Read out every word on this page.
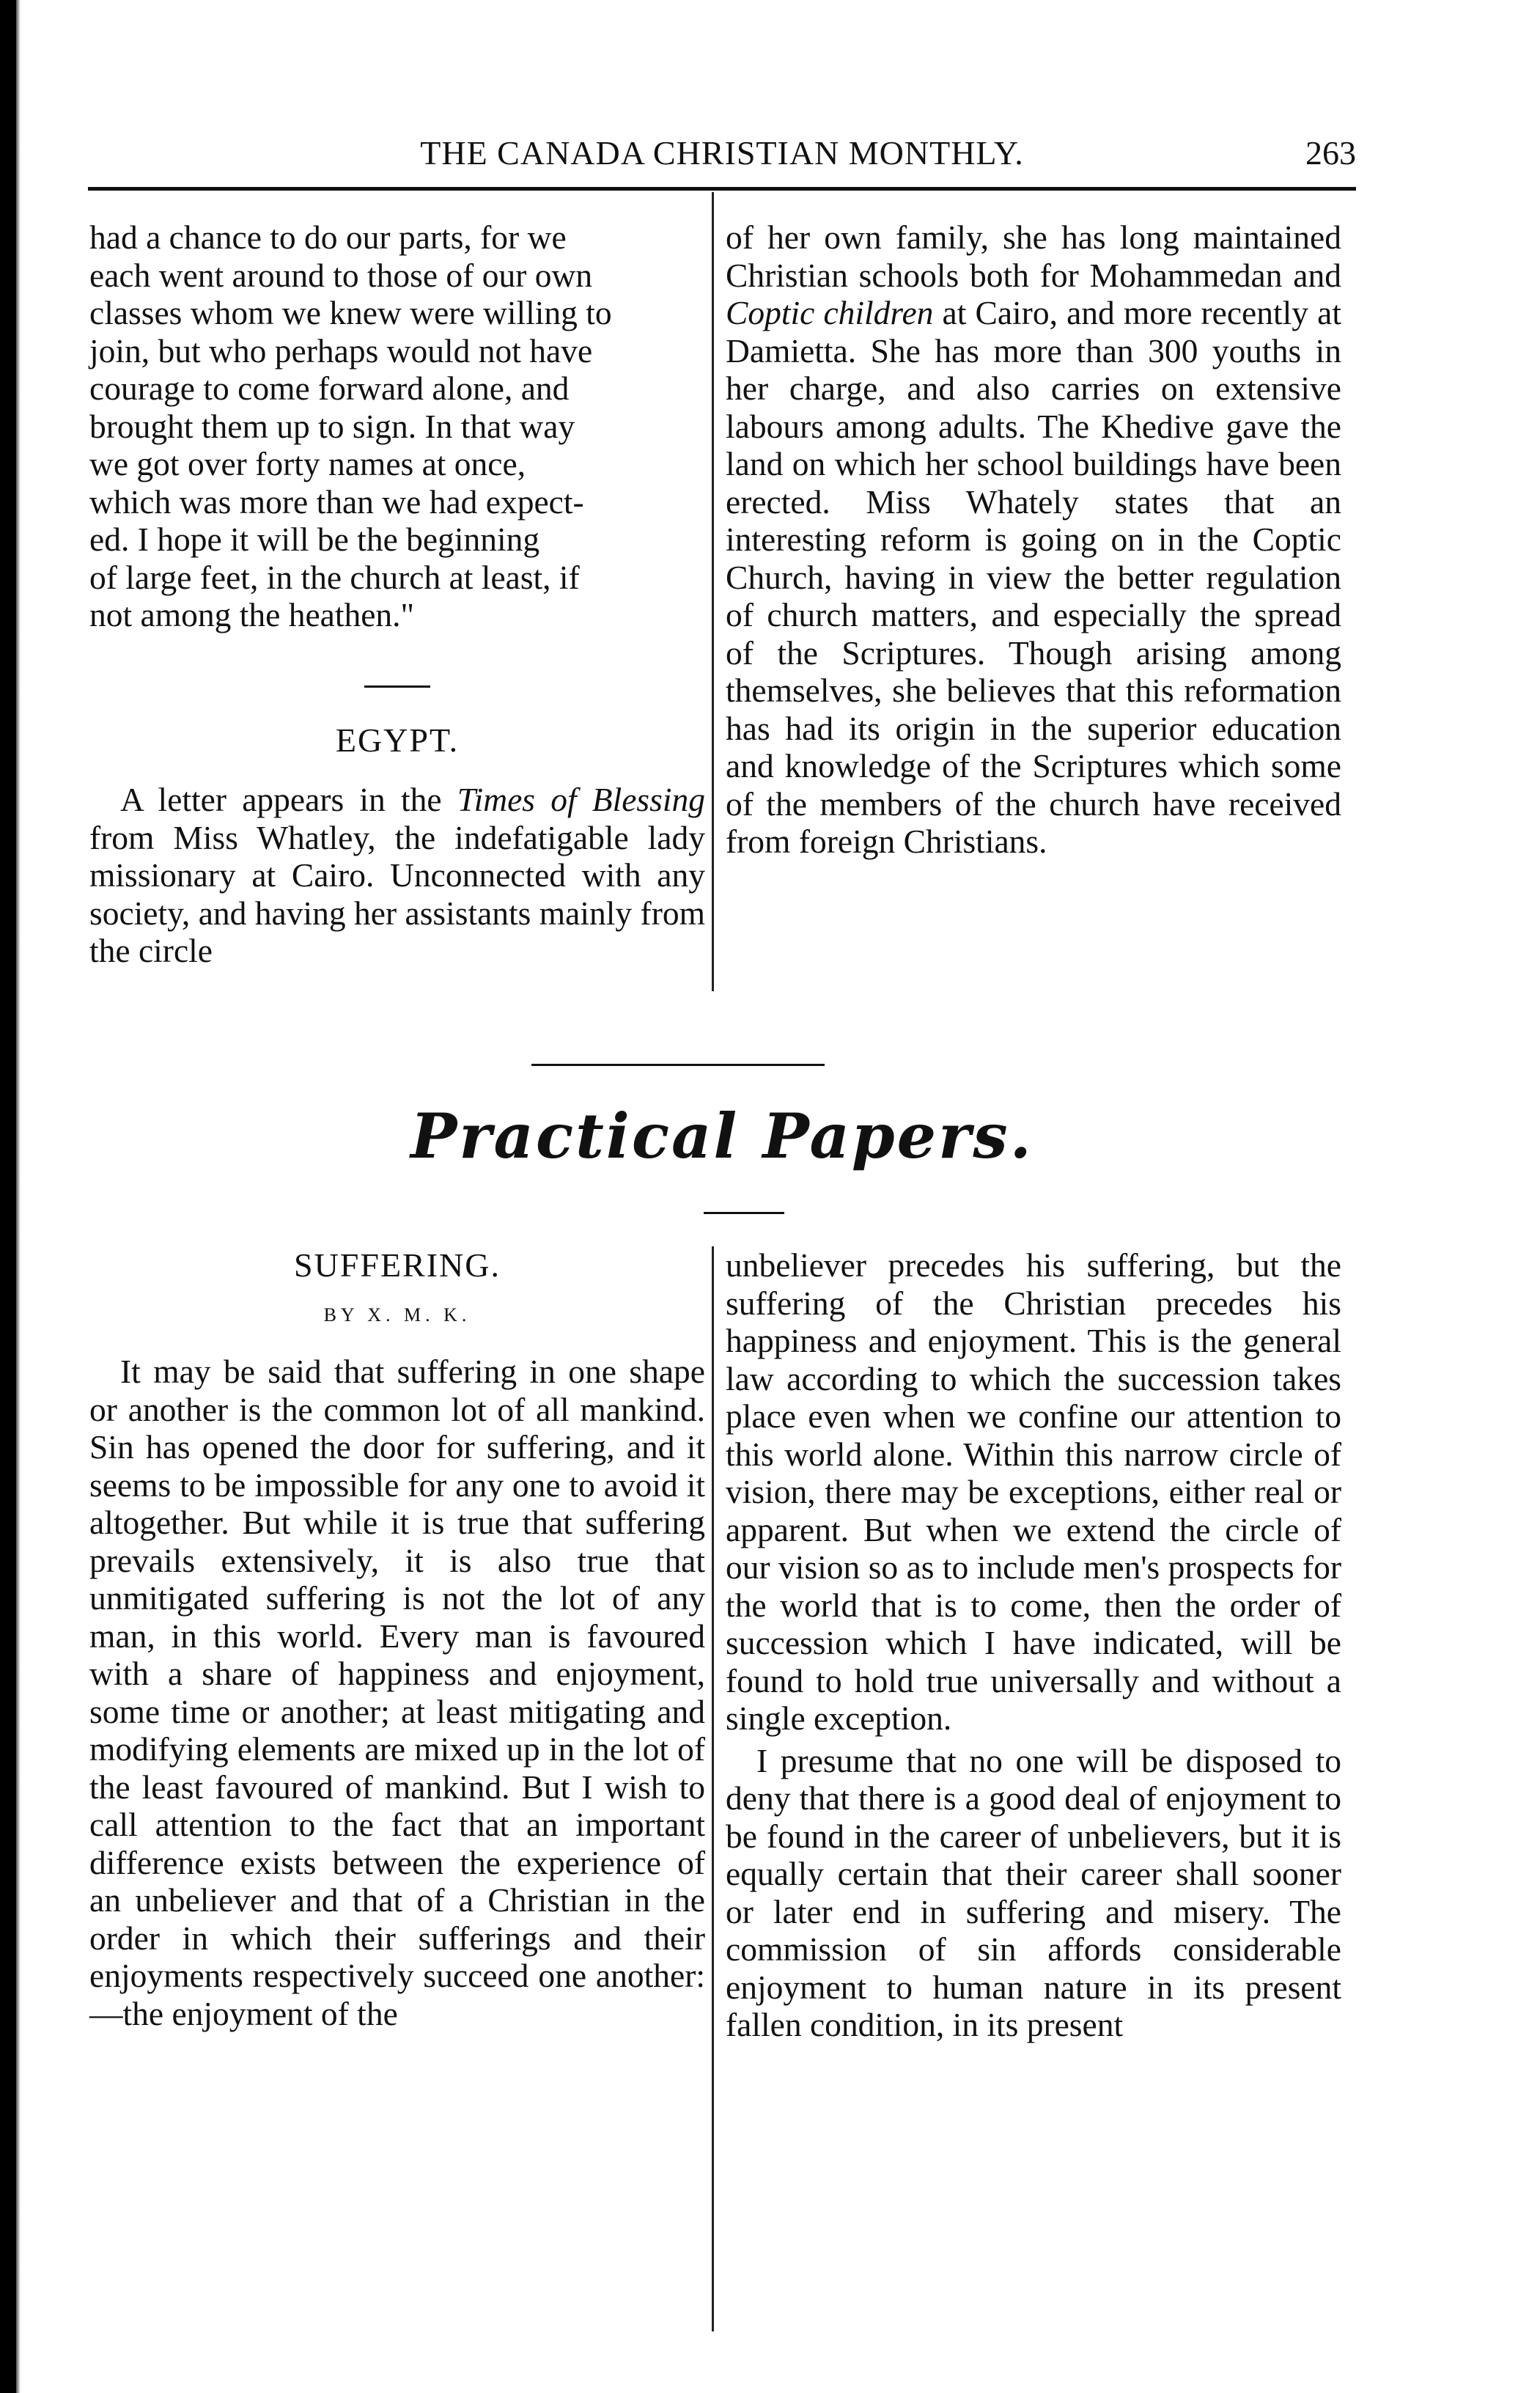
THE CANADA CHRISTIAN MONTHLY.	263
had a chance to do our parts, for we
each went around to those of our own
classes whom we knew were willing to
join, but who perhaps would not have
courage to come forward alone, and
brought them up to sign. In that way
we got over forty names at once,
which was more than we had expect-
ed. I hope it will be the beginning
of large feet, in the church at least, if
not among the heathen."
EGYPT.

A letter appears in the Times of Blessing from Miss Whatley, the indefatigable lady missionary at Cairo. Unconnected with any society, and having her assistants mainly from the circle

of her own family, she has long maintained Christian schools both for Mohammedan and Coptic children at Cairo, and more recently at Damietta. She has more than 300 youths in her charge, and also carries on extensive labours among adults. The Khedive gave the land on which her school buildings have been erected. Miss Whately states that an interesting reform is going on in the Coptic Church, having in view the better regulation of church matters, and especially the spread of the Scriptures. Though arising among themselves, she believes that this reformation has had its origin in the superior education and knowledge of the Scriptures which some of the members of the church have received from foreign Christians.

Practical Papers.
SUFFERING.
BY X. M. K.

It may be said that suffering in one shape or another is the common lot of all mankind. Sin has opened the door for suffering, and it seems to be impossible for any one to avoid it altogether. But while it is true that suffering prevails extensively, it is also true that unmitigated suffering is not the lot of any man, in this world. Every man is favoured with a share of happiness and enjoyment, some time or another; at least mitigating and modifying elements are mixed up in the lot of the least favoured of mankind. But I wish to call attention to the fact that an important difference exists between the experience of an unbeliever and that of a Christian in the order in which their sufferings and their enjoyments respectively succeed one another:—the enjoyment of the

unbeliever precedes his suffering, but the suffering of the Christian precedes his happiness and enjoyment. This is the general law according to which the succession takes place even when we confine our attention to this world alone. Within this narrow circle of vision, there may be exceptions, either real or apparent. But when we extend the circle of our vision so as to include men's prospects for the world that is to come, then the order of succession which I have indicated, will be found to hold true universally and without a single exception.

I presume that no one will be disposed to deny that there is a good deal of enjoyment to be found in the career of unbelievers, but it is equally certain that their career shall sooner or later end in suffering and misery. The commission of sin affords considerable enjoyment to human nature in its present fallen condition, in its present
